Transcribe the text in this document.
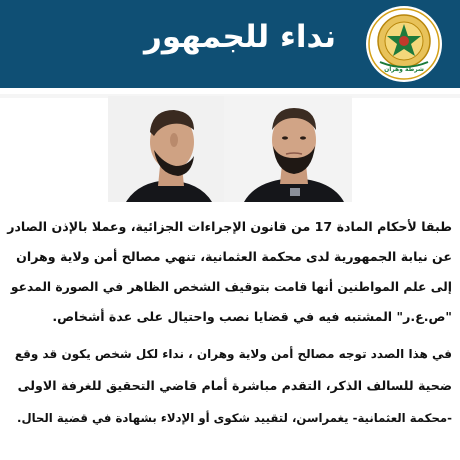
نداء للجمهور
شرطة وهران
طبقا لأحكام المادة 17 من قانون الإجراءات الجزائية، وعملا بالإذن الصادر
عن نيابة الجمهورية لدى محكمة العثمانية، تنهي مصالح أمن ولاية وهران
إلى علم المواطنين أنها قامت بتوقيف الشخص الظاهر في الصورة المدعو
"ص.ع.ر" المشتبه فيه في قضايا نصب واحتيال على عدة أشخاص.
في هذا الصدد توجه مصالح أمن ولاية وهران ، نداء لكل شخص يكون قد وقع
ضحية للسالف الذكر، التقدم مباشرة أمام قاضي التحقيق للغرفة الاولى
-محكمة العثمانية- يغمراسن، لتقييد شكوى أو الإدلاء بشهادة في قضية الحال.
